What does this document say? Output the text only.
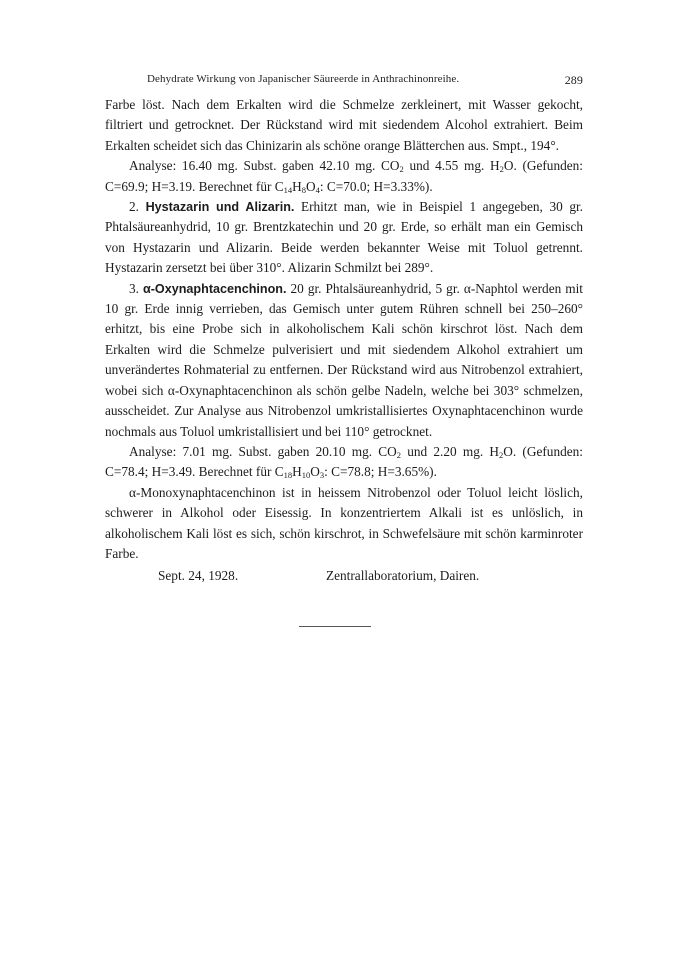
Dehydrate Wirkung von Japanischer Säureerde in Anthrachinonreihe.	289

Farbe löst. Nach dem Erkalten wird die Schmelze zerkleinert, mit Wasser gekocht, filtriert und getrocknet. Der Rückstand wird mit siedendem Alcohol extrahiert. Beim Erkalten scheidet sich das Chinizarin als schöne orange Blätterchen aus. Smpt., 194°.

Analyse: 16.40 mg. Subst. gaben 42.10 mg. $CO_2$ und 4.55 mg. $H_2O$. (Gefunden: C=69.9; H=3.19. Berechnet für $C_{14}H_8O_4$: C=70.0; H=3.33%).

2. Hystazarin und Alizarin. Erhitzt man, wie in Beispiel 1 angegeben, 30 gr. Phtalsäureanhydrid, 10 gr. Brentzkatechin und 20 gr. Erde, so erhält man ein Gemisch von Hystazarin und Alizarin. Beide werden bekannter Weise mit Toluol getrennt. Hystazarin zersetzt bei über 310°. Alizarin Schmilzt bei 289°.

3. α-Oxynaphtacenchinon. 20 gr. Phtalsäureanhydrid, 5 gr. α-Naphtol werden mit 10 gr. Erde innig verrieben, das Gemisch unter gutem Rühren schnell bei 250–260° erhitzt, bis eine Probe sich in alkoholischem Kali schön kirschrot löst. Nach dem Erkalten wird die Schmelze pulverisiert und mit siedendem Alkohol extrahiert um unverändertes Rohmaterial zu entfernen. Der Rückstand wird aus Nitrobenzol extrahiert, wobei sich α-Oxynaphtacenchinon als schön gelbe Nadeln, welche bei 303° schmelzen, ausscheidet. Zur Analyse aus Nitrobenzol umkristallisiertes Oxynaphtacenchinon wurde nochmals aus Toluol umkristallisiert und bei 110° getrocknet.

Analyse: 7.01 mg. Subst. gaben 20.10 mg. $CO_2$ und 2.20 mg. $H_2O$. (Gefunden: C=78.4; H=3.49. Berechnet für $C_{18}H_{10}O_3$: C=78.8; H=3.65%).

α-Monoxynaphtacenchinon ist in heissem Nitrobenzol oder Toluol leicht löslich, schwerer in Alkohol oder Eisessig. In konzentriertem Alkali ist es unlöslich, in alkoholischem Kali löst es sich, schön kirschrot, in Schwefelsäure mit schön karminroter Farbe.

Sept. 24, 1928.	Zentrallaboratorium, Dairen.
